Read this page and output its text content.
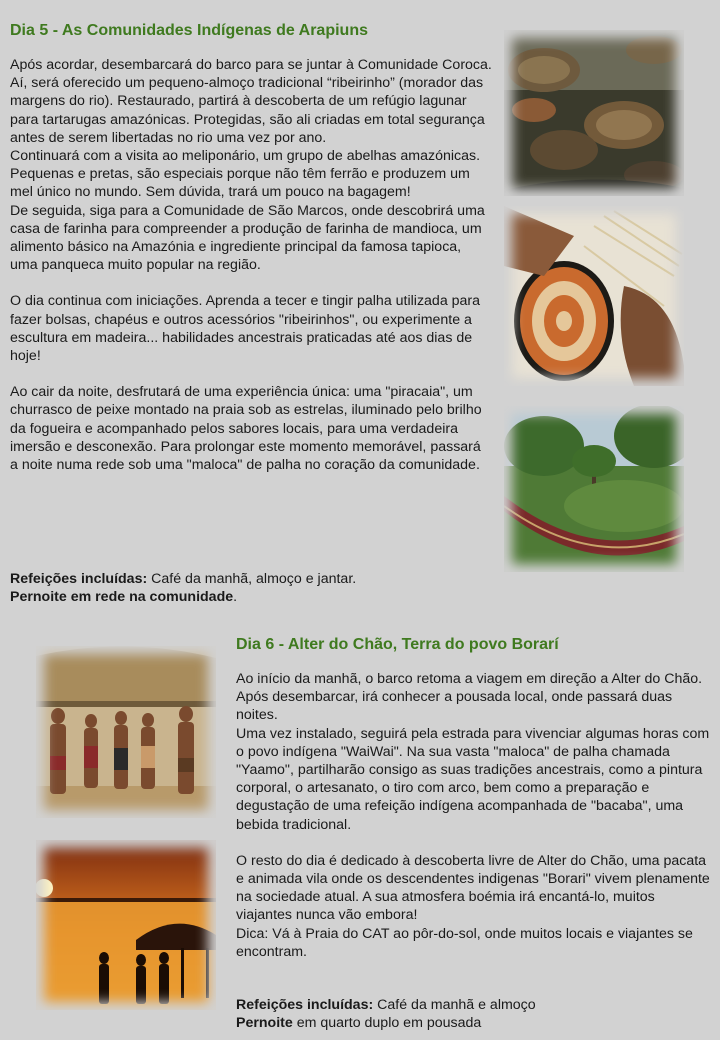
Dia 5 - As Comunidades Indígenas de Arapiuns

Após acordar, desembarcará do barco para se juntar à Comunidade Coroca. Aí, será oferecido um pequeno-almoço tradicional “ribeirinho” (morador das margens do rio). Restaurado, partirá à descoberta de um refúgio lagunar para tartarugas amazónicas. Protegidas, são ali criadas em total segurança antes de serem libertadas no rio uma vez por ano.

Continuará com a visita ao meliponário, um grupo de abelhas amazónicas. Pequenas e pretas, são especiais porque não têm ferrão e produzem um mel único no mundo. Sem dúvida, trará um pouco na bagagem!

De seguida, siga para a Comunidade de São Marcos, onde descobrirá uma casa de farinha para compreender a produção de farinha de mandioca, um alimento básico na Amazónia e ingrediente principal da famosa tapioca, uma panqueca muito popular na região.

O dia continua com iniciações. Aprenda a tecer e tingir palha utilizada para fazer bolsas, chapéus e outros acessórios "ribeirinhos", ou experimente a escultura em madeira... habilidades ancestrais praticadas até aos dias de hoje!

Ao cair da noite, desfrutará de uma experiência única: uma "piracaia", um churrasco de peixe montado na praia sob as estrelas, iluminado pelo brilho da fogueira e acompanhado pelos sabores locais, para uma verdadeira imersão e desconexão. Para prolongar este momento memorável, passará a noite numa rede sob uma "maloca" de palha no coração da comunidade.

Refeições incluídas: Café da manhã, almoço e jantar.

Pernoite em rede na comunidade.

Dia 6 - Alter do Chão, Terra do povo Borarí

Ao início da manhã, o barco retoma a viagem em direção a Alter do Chão. Após desembarcar, irá conhecer a pousada local, onde passará duas noites.

Uma vez instalado, seguirá pela estrada para vivenciar algumas horas com o povo indígena "WaiWai". Na sua vasta "maloca" de palha chamada "Yaamo", partilharão consigo as suas tradições ancestrais, como a pintura corporal, o artesanato, o tiro com arco, bem como a preparação e degustação de uma refeição indígena acompanhada de "bacaba", uma bebida tradicional.

O resto do dia é dedicado à descoberta livre de Alter do Chão, uma pacata e animada vila onde os descendentes indigenas "Borari" vivem plenamente na sociedade atual. A sua atmosfera boémia irá encantá-lo, muitos viajantes nunca vão embora!

Dica: Vá à Praia do CAT ao pôr-do-sol, onde muitos locais e viajantes se encontram.

Refeições incluídas: Café da manhã e almoço

Pernoite em quarto duplo em pousada
